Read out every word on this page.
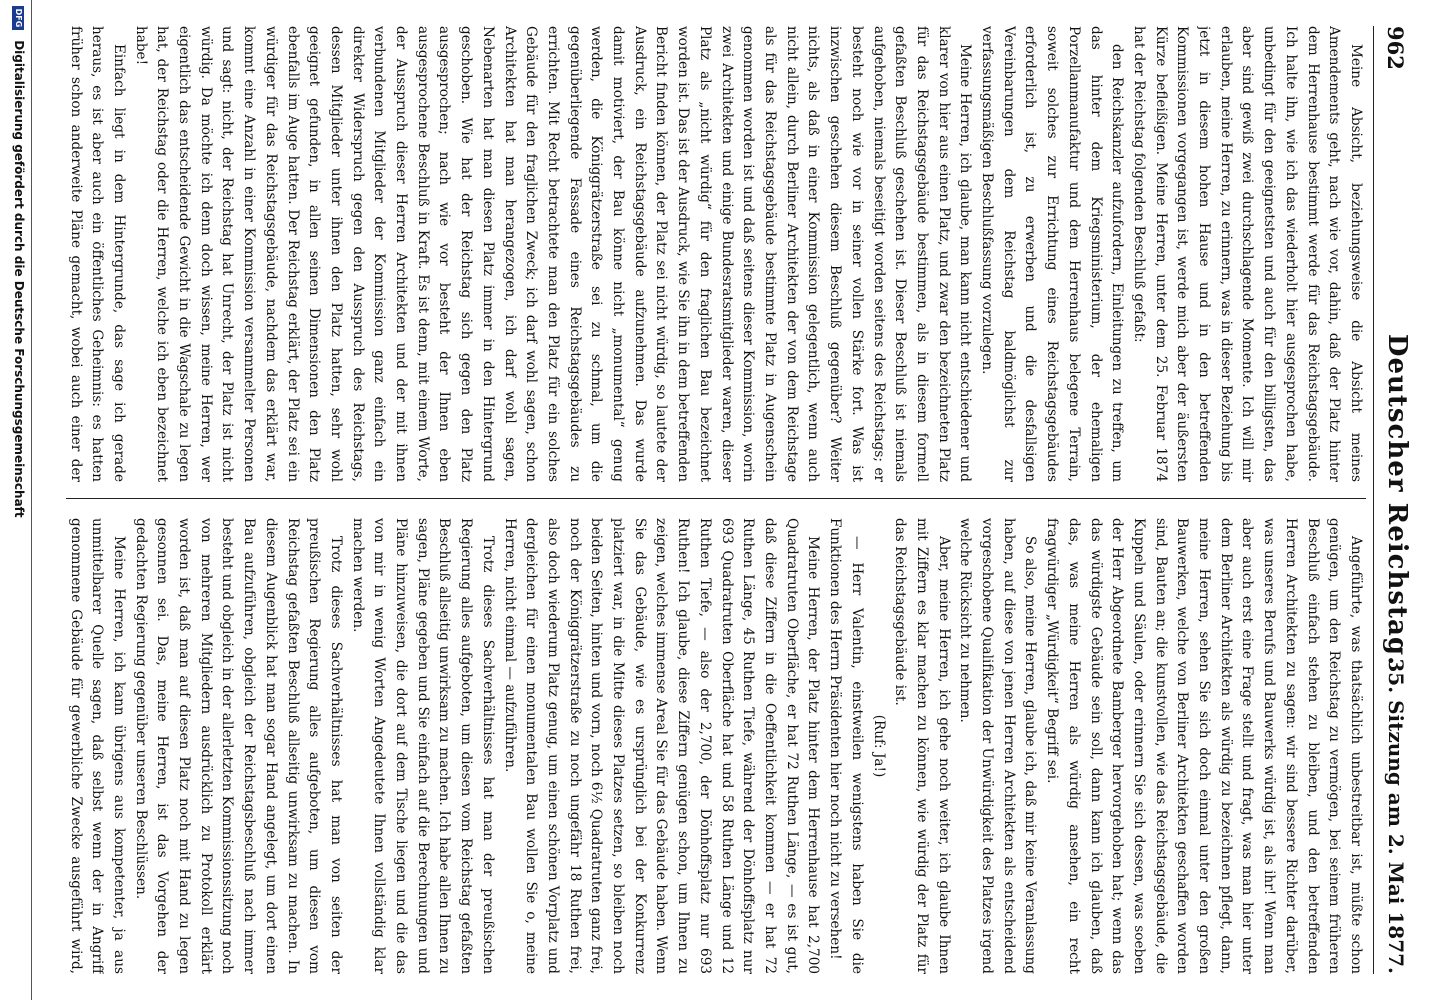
962
Deutscher Reichstag.
35. Sitzung am 2. Mai 1877.

Meine Absicht, beziehungsweise die Absicht meines Amendements geht, nach wie vor, dahin, daß der Platz hinter dem Herrenhause bestimmt werde für das Reichstagsgebäude. Ich halte ihn, wie ich das wiederholt hier ausgesprochen habe, unbedingt für den geeignetsten und auch für den billigsten, das aber sind gewiß zwei durchschlagende Momente. Ich will mir erlauben, meine Herren, zu erinnern, was in dieser Beziehung bis jetzt in diesem hohen Hause und in den betreffenden Kommissionen vorgegangen ist, werde mich aber der äußersten Kürze befleißigen. Meine Herren, unter dem 25. Februar 1874 hat der Reichstag folgenden Beschluß gefaßt:

den Reichskanzler aufzufordern, Einleitungen zu treffen, um das hinter dem Kriegsministerium, der ehemaligen Porzellanmanufaktur und dem Herrenhaus belegene Terrain, soweit solches zur Errichtung eines Reichstagsgebäudes erforderlich ist, zu erwerben und die desfallsigen Vereinbarungen dem Reichstag baldmöglichst zur verfassungsmäßigen Beschlußfassung vorzulegen.

Meine Herren, ich glaube, man kann nicht entschiedener und klarer von hier aus einen Platz, und zwar den bezeichneten Platz für das Reichstagsgebäude bestimmen, als in diesem formell gefaßten Beschluß geschehen ist. Dieser Beschluß ist niemals aufgehoben, niemals beseitigt worden seitens des Reichstags; er besteht noch wie vor in seiner vollen Stärke fort. Was ist inzwischen geschehen diesem Beschluß gegenüber? Weiter nichts, als daß in einer Kommission gelegentlich, wenn auch nicht allein, durch Berliner Architekten der von dem Reichstage als für das Reichstagsgebäude bestimmte Platz in Augenschein genommen worden ist und daß seitens dieser Kommission, worin zwei Architekten und einige Bundesratsmitglieder waren, dieser Platz als „nicht würdig“ für den fraglichen Bau bezeichnet worden ist. Das ist der Ausdruck, wie Sie ihn in dem betreffenden Bericht finden können, der Platz sei nicht würdig, so lautete der Ausdruck, ein Reichstagsgebäude aufzunehmen. Das wurde damit motiviert, der Bau könne nicht „monumental“ genug werden, die Königgrätzerstraße sei zu schmal, um die gegenüberliegende Fassade eines Reichstagsgebäudes zu errichten. Mit Recht betrachtete man den Platz für ein solches Gebäude für den fraglichen Zweck; ich darf wohl sagen, schon Architekten hat man herangezogen, ich darf wohl sagen, Nebenarten hat man diesen Platz immer in den Hintergrund geschoben. Wie hat der Reichstag sich gegen den Platz ausgesprochen; nach wie vor besteht der Ihnen eben ausgesprochene Beschluß in Kraft. Es ist denn, mit einem Worte, der Ausspruch dieser Herren Architekten und der mit ihnen verbundenen Mitglieder der Kommission ganz einfach ein direkter Widerspruch gegen den Ausspruch des Reichstags, dessen Mitglieder unter ihnen den Platz hatten, sehr wohl geeignet gefunden, in allen seinen Dimensionen den Platz ebenfalls im Auge hatten. Der Reichstag erklärt, der Platz sei ein würdiger für das Reichstagsgebäude, nachdem das erklärt war, kommt eine Anzahl in einer Kommission versammelter Personen und sagt: nicht, der Reichstag hat Unrecht, der Platz ist nicht würdig. Da möchte ich denn doch wissen, meine Herren, wer eigentlich das entscheidende Gewicht in die Wagschale zu legen hat, der Reichstag oder die Herren, welche ich eben bezeichnet habe!

Einfach liegt in dem Hintergrunde, das sage ich gerade heraus, es ist aber auch ein öffentliches Geheimnis: es hatten früher schon anderweite Pläne gemacht, wobei auch einer der

Angeführte, was thatsächlich unbestreitbar ist, müßte schon genügen, um den Reichstag zu vermögen, bei seinem früheren Beschluß einfach stehen zu bleiben, und den betreffenden Herren Architekten zu sagen: wir sind bessere Richter darüber, was unseres Berufs und Bauwerks würdig ist, als ihr! Wenn man aber auch erst eine Frage stellt und fragt, was man hier unter dem Berliner Architekten als würdig zu bezeichnen pflegt, dann, meine Herren, sehen Sie sich doch einmal unter den großen Bauwerken, welche von Berliner Architekten geschaffen worden sind, Bauten an; die kunstvollen, wie das Reichstagsgebäude, die Kuppeln und Säulen, oder erinnern Sie sich dessen, was soeben der Herr Abgeordnete Bamberger hervorgehoben hat; wenn das das würdigste Gebäude sein soll, dann kann ich glauben, daß das, was meine Herren als würdig ansehen, ein recht fragwürdiger „Würdigkeit“ Begriff sei.

So also, meine Herren, glaube ich, daß mir keine Veranlassung haben, auf diese von jenen Herren Architekten als entscheidend vorgeschobene Qualifikation der Unwürdigkeit des Platzes irgend welche Rücksicht zu nehmen.

Aber, meine Herren, ich gehe noch weiter, ich glaube Ihnen mit Ziffern es klar machen zu können, wie würdig der Platz für das Reichstagsgebäude ist.

(Ruf: Ja!)

— Herr Valentin, einstweilen wenigstens haben Sie die Funktionen des Herrn Präsidenten hier noch nicht zu versehen!

Meine Herren, der Platz hinter dem Herrenhause hat 2,700 Quadratruten Oberfläche, er hat 72 Ruthen Länge, — es ist gut, daß diese Ziffern in die Oeffentlichkeit kommen — er hat 72 Ruthen Länge, 45 Ruthen Tiefe, während der Dönhoffsplatz nur 693 Quadratruten Oberfläche hat und 58 Ruthen Länge und 12 Ruthen Tiefe, — also der 2,700, der Dönhoffsplatz nur 693 Ruthen! Ich glaube, diese Ziffern genügen schon, um Ihnen zu zeigen, welches immense Areal Sie für das Gebäude haben. Wenn Sie das Gebäude, wie es ursprünglich bei der Konkurrenz platziert war, in die Mitte dieses Platzes setzen, so bleiben noch beiden Seiten, hinten und vorn, noch 6½ Quadratruten ganz frei, noch der Königgrätzerstraße zu noch ungefähr 18 Ruthen frei, also doch wiederum Platz genug, um einen schönen Vorplatz und dergleichen für einen monumentalen Bau wollen Sie o, meine Herren, nicht einmal — aufzuführen.

Trotz dieses Sachverhältnisses hat man der preußischen Regierung alles aufgeboten, um diesen vom Reichstag gefaßten Beschluß allseitig unwirksam zu machen. Ich habe allen Ihnen zu sagen, Pläne gegeben und Sie einfach auf die Berechnungen und Pläne hinzuweisen, die dort auf dem Tische liegen und die das von mir in wenig Worten Angedeutete Ihnen vollständig klar machen werden.

Trotz dieses Sachverhältnisses hat man von seiten der preußischen Regierung alles aufgeboten, um diesen vom Reichstag gefaßten Beschluß allseitig unwirksam zu machen. In diesem Augenblick hat man sogar Hand angelegt, um dort einen Bau aufzuführen, obgleich der Reichstagsbeschluß nach immer besteht und obgleich in der allerletzten Kommissionssitzung noch von mehreren Mitgliedern ausdrücklich zu Protokoll erklärt worden ist, daß man auf diesen Platz noch mit Hand zu legen gesonnen sei. Das, meine Herren, ist das Vorgehen der gedachten Regierung gegenüber unseren Beschlüssen.

Meine Herren, ich kann übrigens aus kompetenter, ja aus unmittelbarer Quelle sagen, daß selbst wenn der in Angriff genommene Gebäude für gewerbliche Zwecke ausgeführt wird,

DFG Digitalisierung gefördert durch die Deutsche Forschungsgemeinschaft
